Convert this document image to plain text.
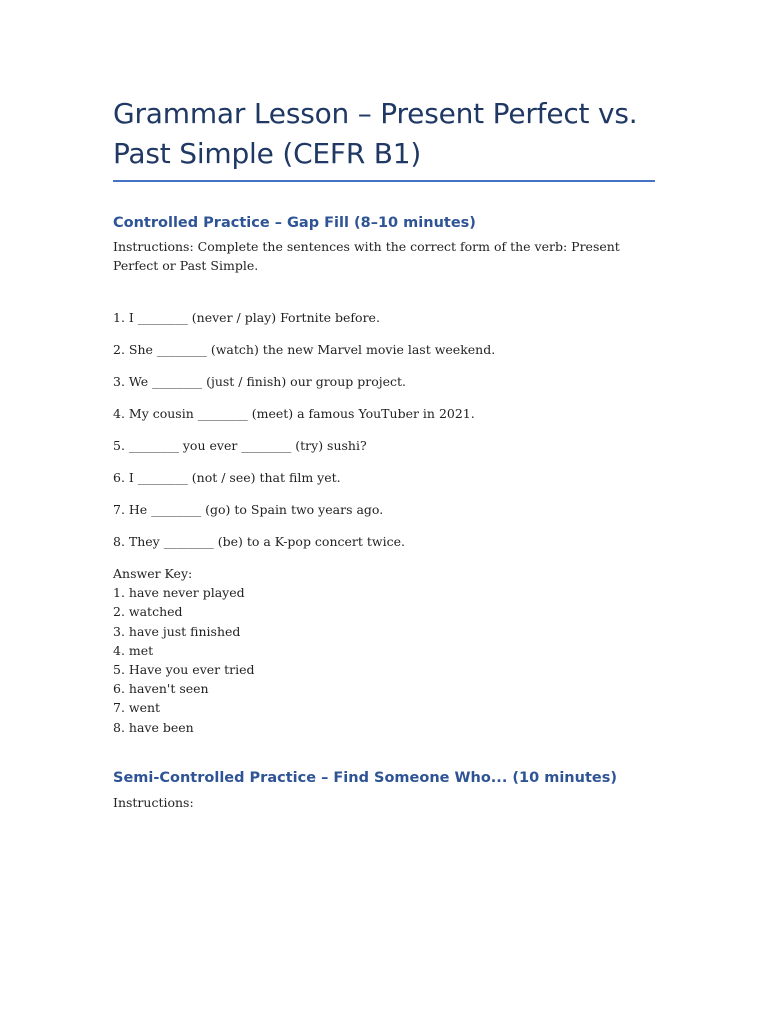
Grammar Lesson – Present Perfect vs. Past Simple (CEFR B1)
Controlled Practice – Gap Fill (8–10 minutes)

Instructions: Complete the sentences with the correct form of the verb: Present Perfect or Past Simple.

1. I ________ (never / play) Fortnite before.
2. She ________ (watch) the new Marvel movie last weekend.
3. We ________ (just / finish) our group project.
4. My cousin ________ (meet) a famous YouTuber in 2021.
5. ________ you ever ________ (try) sushi?
6. I ________ (not / see) that film yet.
7. He ________ (go) to Spain two years ago.
8. They ________ (be) to a K-pop concert twice.
Answer Key:
1. have never played
2. watched
3. have just finished
4. met
5. Have you ever tried
6. haven't seen
7. went
8. have been
Semi-Controlled Practice – Find Someone Who... (10 minutes)

Instructions:
